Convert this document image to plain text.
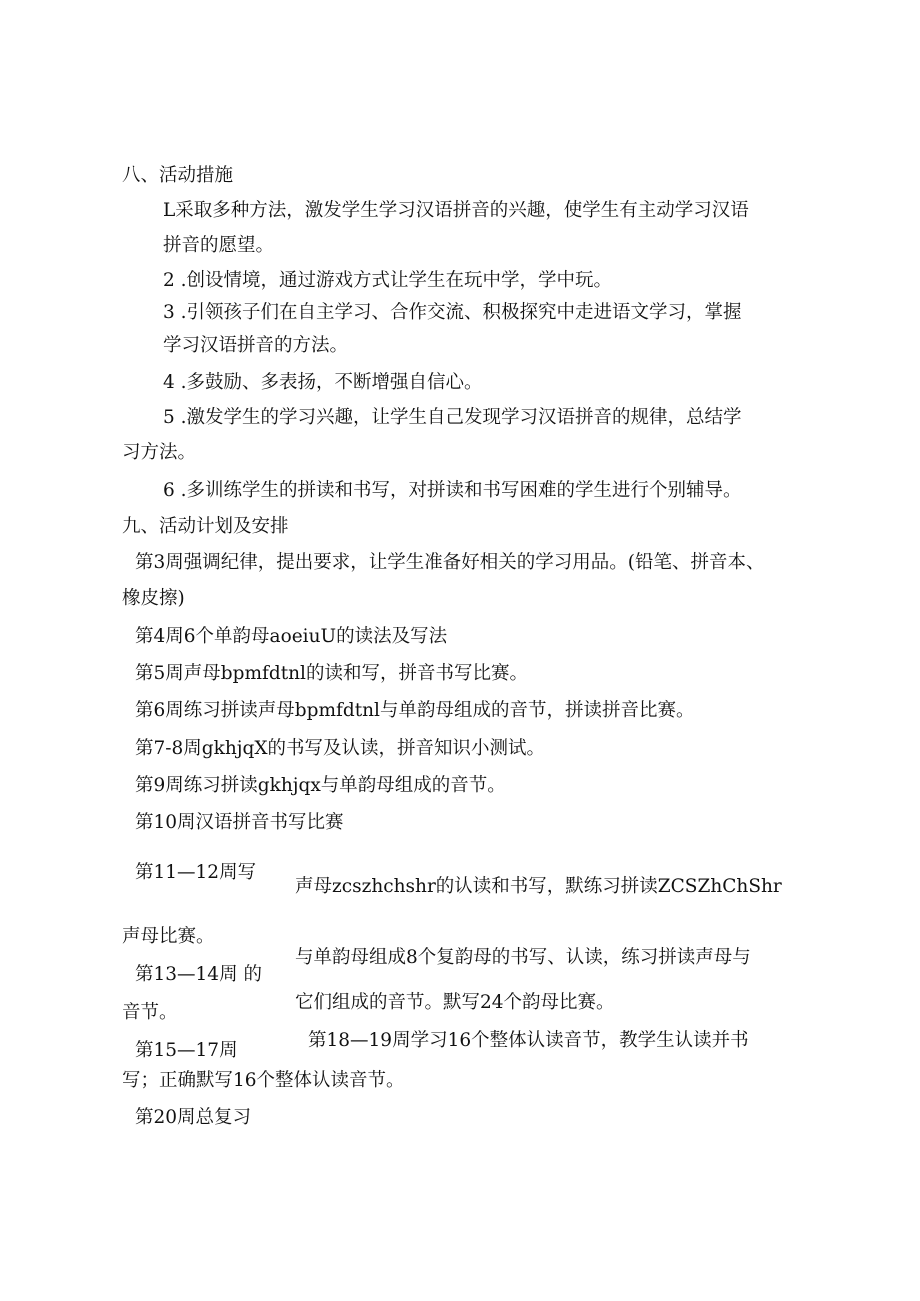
八、活动措施
L采取多种方法，激发学生学习汉语拼音的兴趣，使学生有主动学习汉语
拼音的愿望。
2 .创设情境，通过游戏方式让学生在玩中学，学中玩。
3 .引领孩子们在自主学习、合作交流、积极探究中走进语文学习，掌握
学习汉语拼音的方法。
4 .多鼓励、多表扬，不断增强自信心。
5 .激发学生的学习兴趣，让学生自己发现学习汉语拼音的规律，总结学
习方法。
6 .多训练学生的拼读和书写，对拼读和书写困难的学生进行个别辅导。
九、活动计划及安排
第3周强调纪律，提出要求，让学生准备好相关的学习用品。(铅笔、拼音本、
橡皮擦)
第4周6个单韵母aoeiuU的读法及写法
第5周声母bpmfdtnl的读和写，拼音书写比赛。
第6周练习拼读声母bpmfdtnl与单韵母组成的音节，拼读拼音比赛。
第7-8周gkhjqX的书写及认读，拼音知识小测试。
第9周练习拼读gkhjqx与单韵母组成的音节。
第10周汉语拼音书写比赛
声母zcszhchshr的认读和书写，默练习拼读ZCSZhChShr
第11—12周写
声母比赛。
与单韵母组成8个复韵母的书写、认读，练习拼读声母与
第13—14周 的
它们组成的音节。默写24个韵母比赛。
音节。
第15—17周	第18—19周学习16个整体认读音节，教学生认读并书
写；正确默写16个整体认读音节。
第20周总复习
